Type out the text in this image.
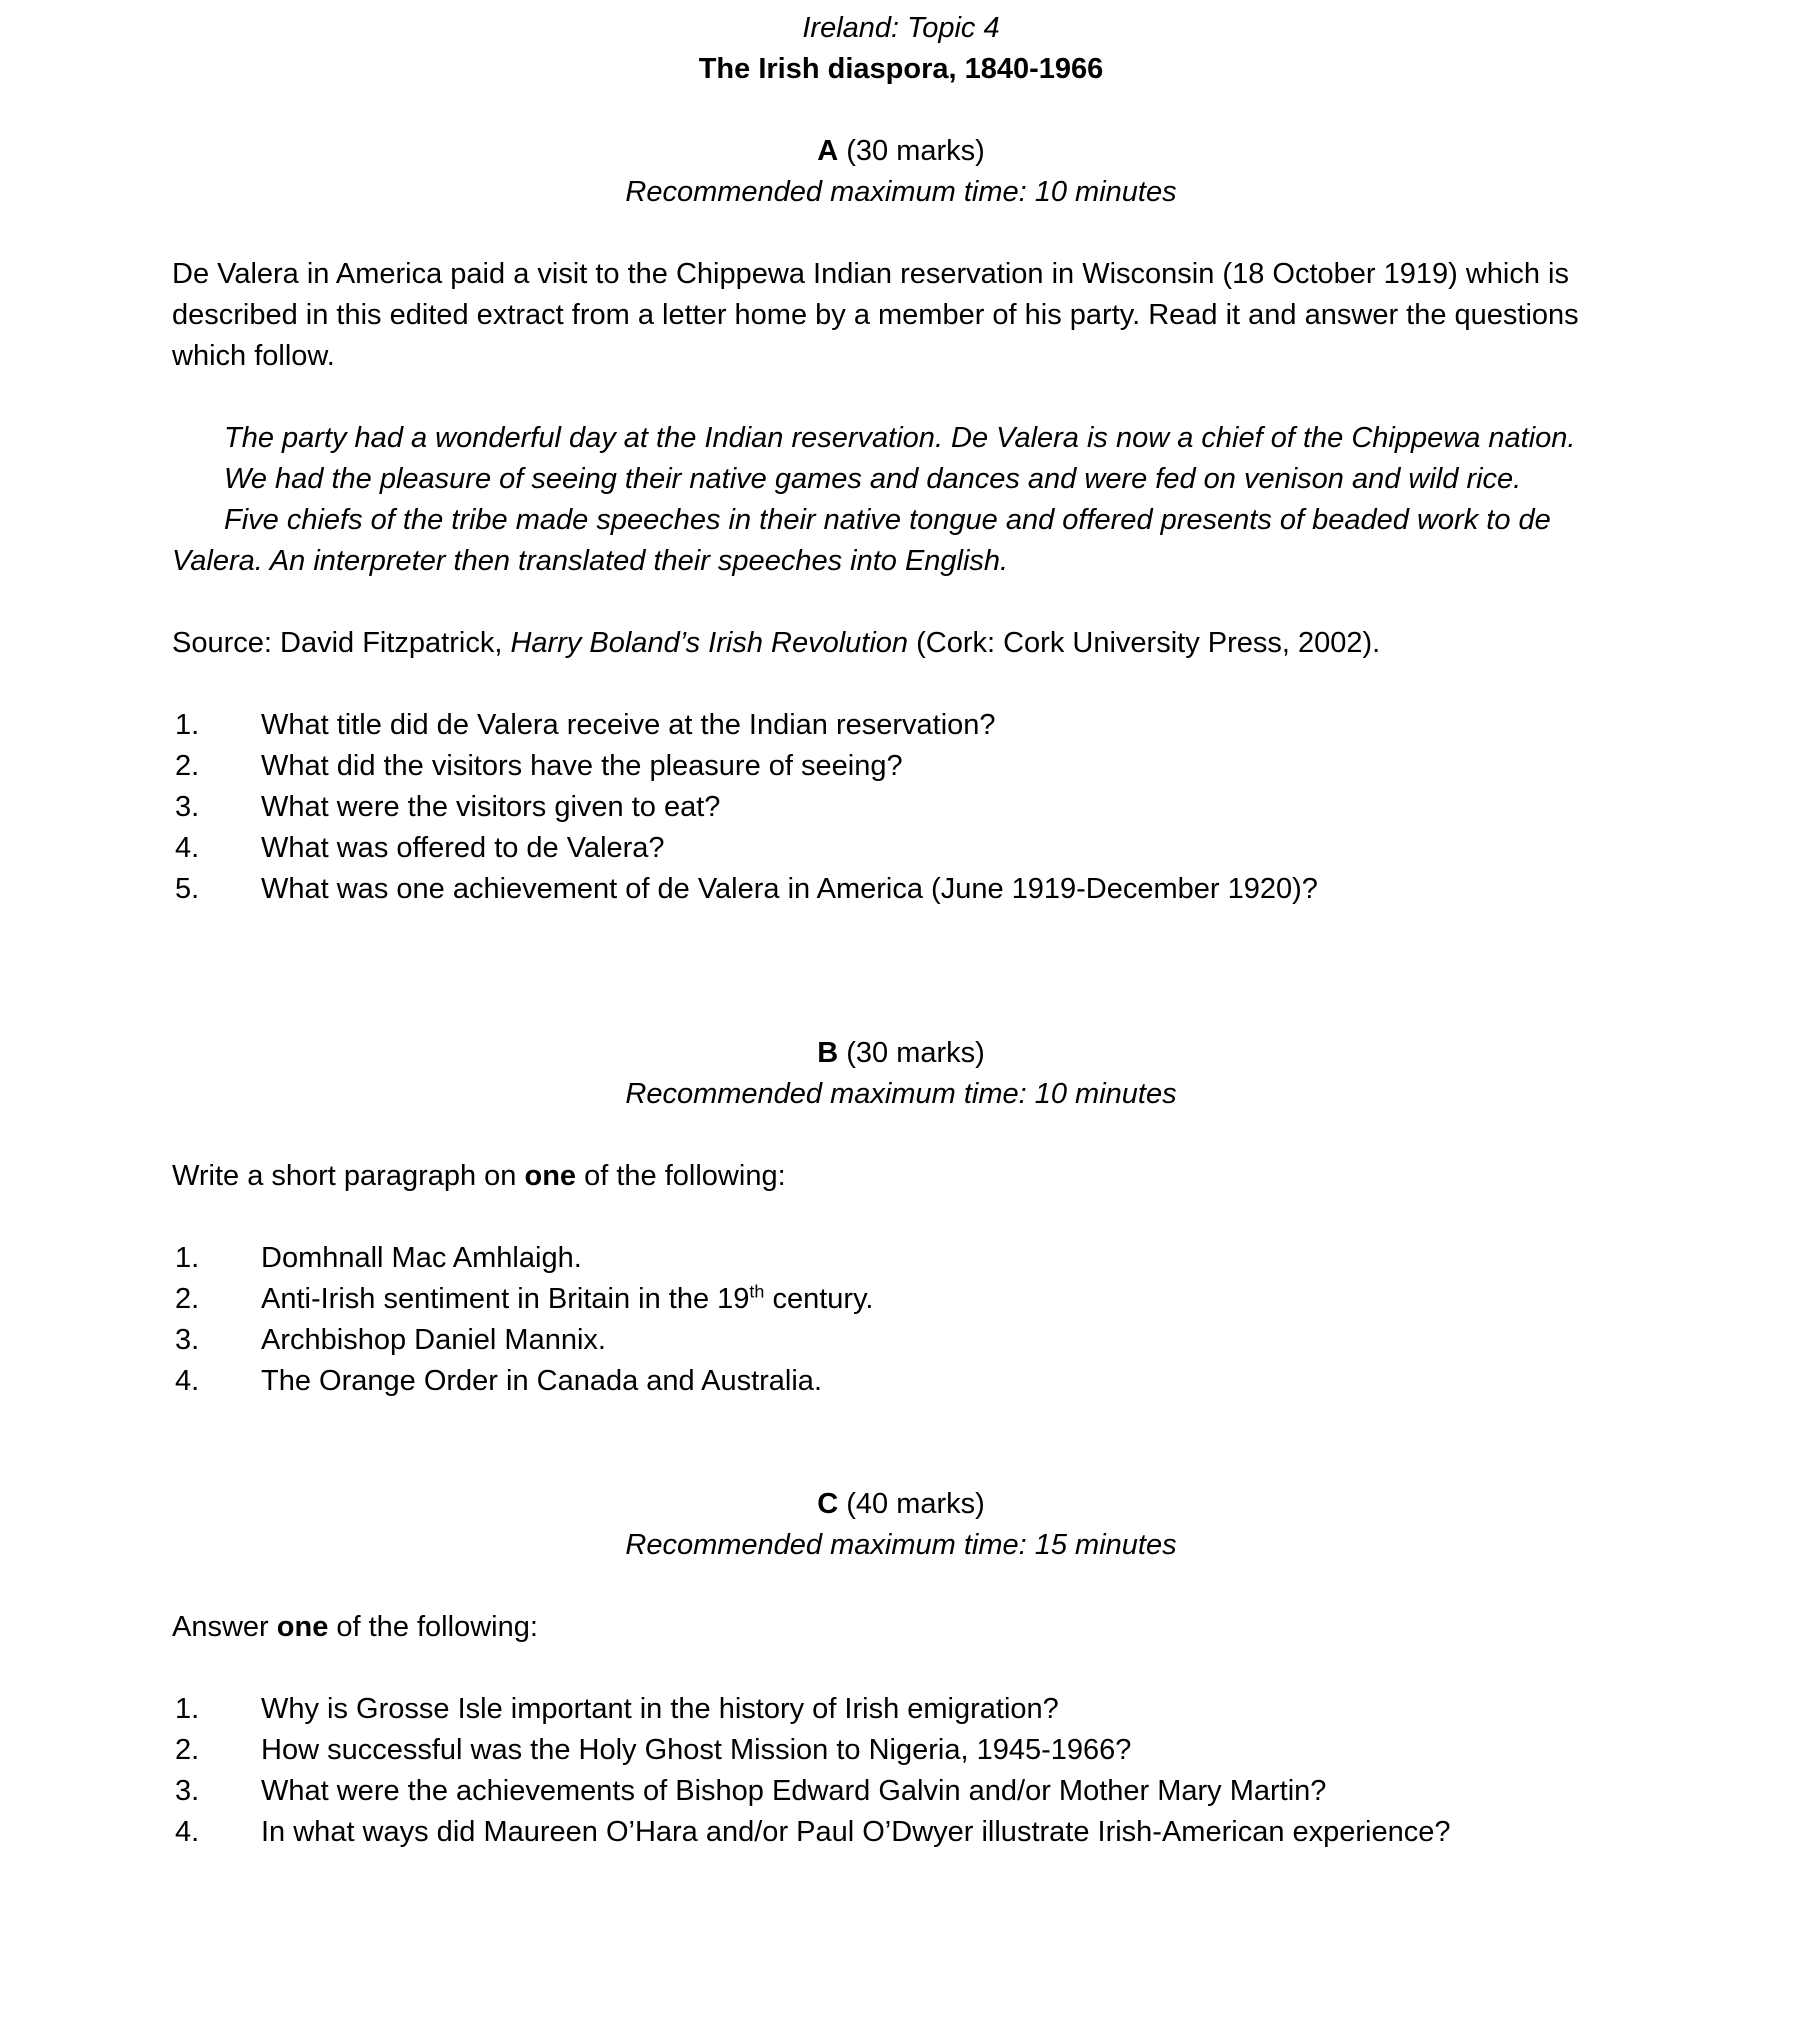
Ireland: Topic 4
The Irish diaspora, 1840-1966
A (30 marks)
Recommended maximum time: 10 minutes
De Valera in America paid a visit to the Chippewa Indian reservation in Wisconsin (18 October 1919) which is described in this edited extract from a letter home by a member of his party. Read it and answer the questions which follow.
The party had a wonderful day at the Indian reservation. De Valera is now a chief of the Chippewa nation.
We had the pleasure of seeing their native games and dances and were fed on venison and wild rice.
Five chiefs of the tribe made speeches in their native tongue and offered presents of beaded work to de Valera. An interpreter then translated their speeches into English.
Source: David Fitzpatrick, Harry Boland’s Irish Revolution (Cork: Cork University Press, 2002).
1.	What title did de Valera receive at the Indian reservation?
2.	What did the visitors have the pleasure of seeing?
3.	What were the visitors given to eat?
4.	What was offered to de Valera?
5.	What was one achievement of de Valera in America (June 1919-December 1920)?
B (30 marks)
Recommended maximum time: 10 minutes
Write a short paragraph on one of the following:
1.	Domhnall Mac Amhlaigh.
2.	Anti-Irish sentiment in Britain in the 19th century.
3.	Archbishop Daniel Mannix.
4.	The Orange Order in Canada and Australia.
C (40 marks)
Recommended maximum time: 15 minutes
Answer one of the following:
1.	Why is Grosse Isle important in the history of Irish emigration?
2.	How successful was the Holy Ghost Mission to Nigeria, 1945-1966?
3.	What were the achievements of Bishop Edward Galvin and/or Mother Mary Martin?
4.	In what ways did Maureen O’Hara and/or Paul O’Dwyer illustrate Irish-American experience?
